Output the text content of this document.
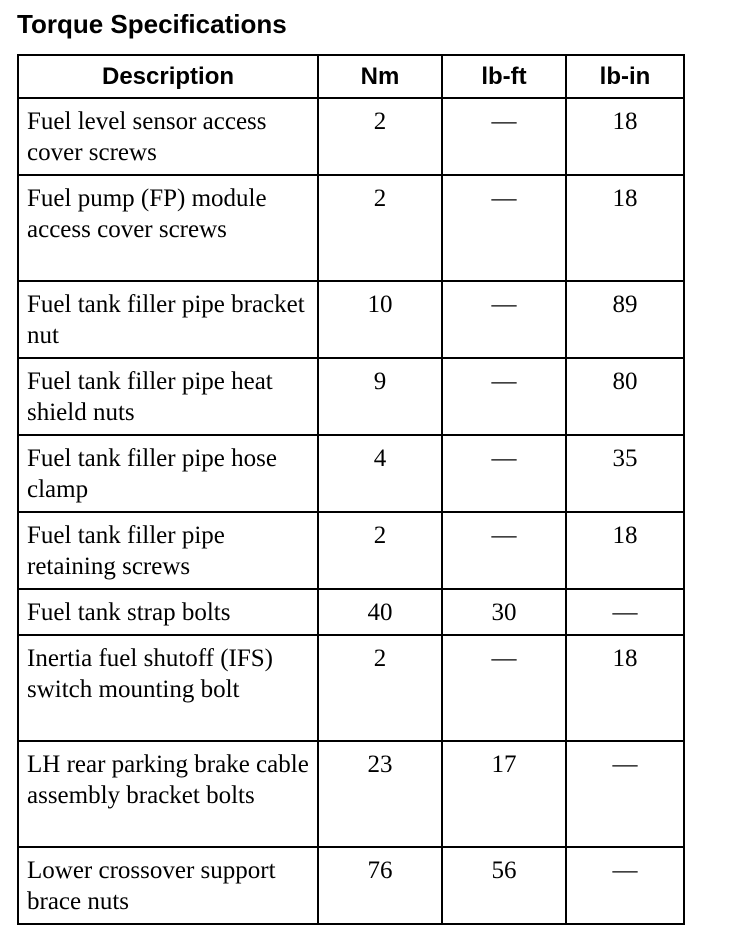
Torque Specifications
Description	Nm	lb-ft	lb-in
Fuel level sensor access cover screws	2	—	18
Fuel pump (FP) module access cover screws	2	—	18
Fuel tank filler pipe bracket nut	10	—	89
Fuel tank filler pipe heat shield nuts	9	—	80
Fuel tank filler pipe hose clamp	4	—	35
Fuel tank filler pipe retaining screws	2	—	18
Fuel tank strap bolts	40	30	—
Inertia fuel shutoff (IFS) switch mounting bolt	2	—	18
LH rear parking brake cable assembly bracket bolts	23	17	—
Lower crossover support brace nuts	76	56	—
